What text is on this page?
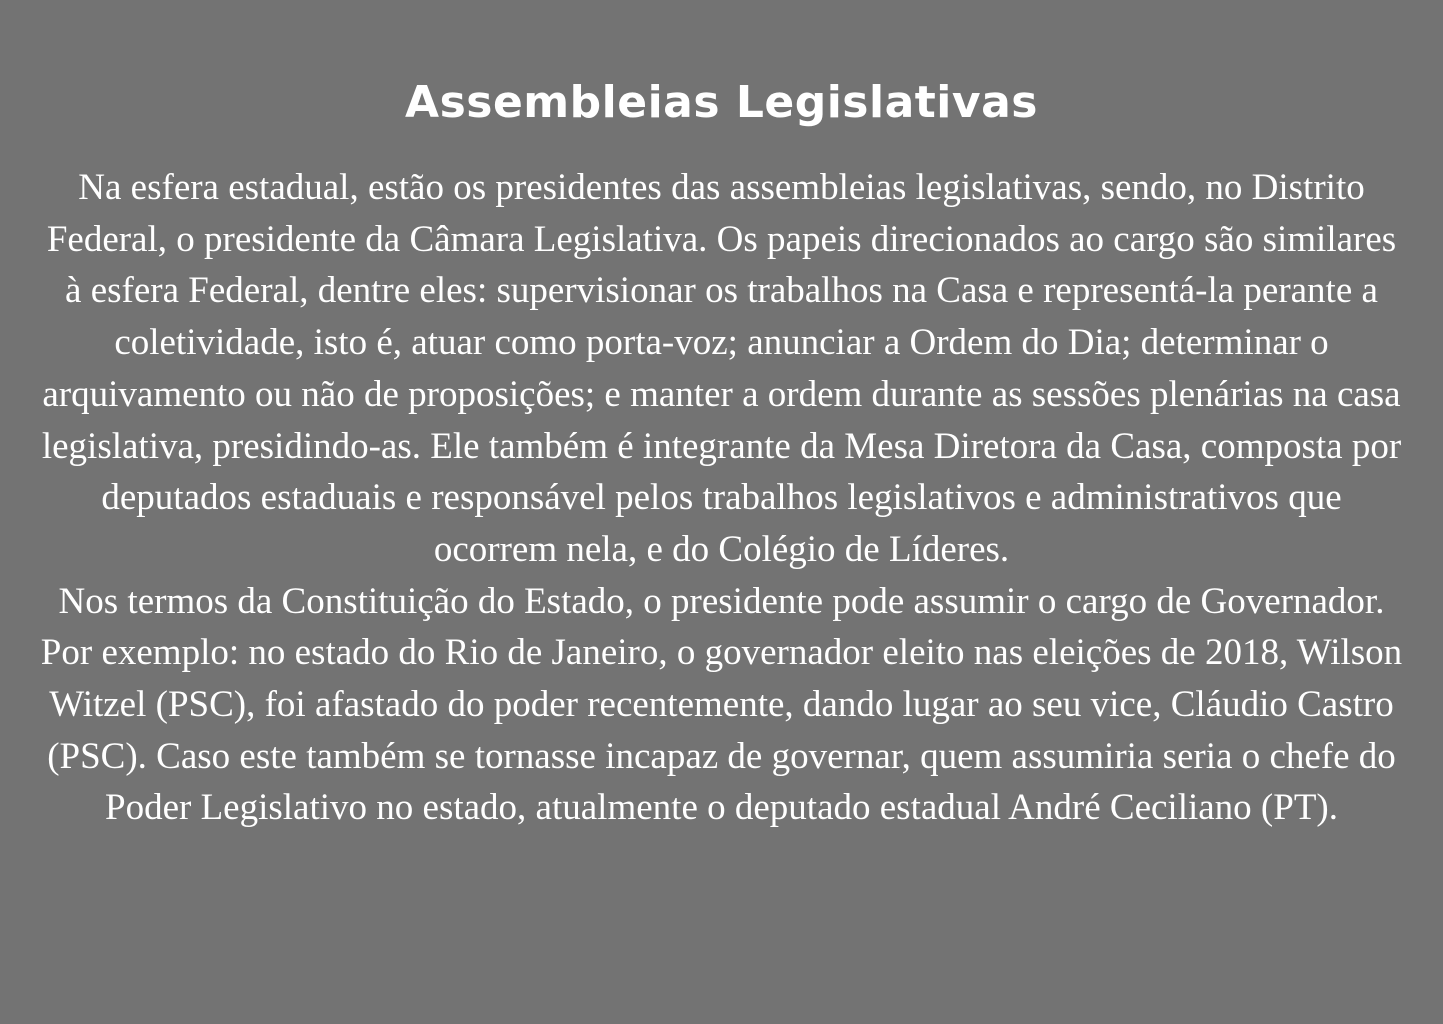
Assembleias Legislativas

Na esfera estadual, estão os presidentes das assembleias legislativas, sendo, no Distrito Federal, o presidente da Câmara Legislativa. Os papeis direcionados ao cargo são similares à esfera Federal, dentre eles: supervisionar os trabalhos na Casa e representá-la perante a coletividade, isto é, atuar como porta-voz; anunciar a Ordem do Dia; determinar o arquivamento ou não de proposições; e manter a ordem durante as sessões plenárias na casa legislativa, presidindo-as. Ele também é integrante da Mesa Diretora da Casa, composta por deputados estaduais e responsável pelos trabalhos legislativos e administrativos que ocorrem nela, e do Colégio de Líderes.

Nos termos da Constituição do Estado, o presidente pode assumir o cargo de Governador. Por exemplo: no estado do Rio de Janeiro, o governador eleito nas eleições de 2018, Wilson Witzel (PSC), foi afastado do poder recentemente, dando lugar ao seu vice, Cláudio Castro (PSC). Caso este também se tornasse incapaz de governar, quem assumiria seria o chefe do Poder Legislativo no estado, atualmente o deputado estadual André Ceciliano (PT).
